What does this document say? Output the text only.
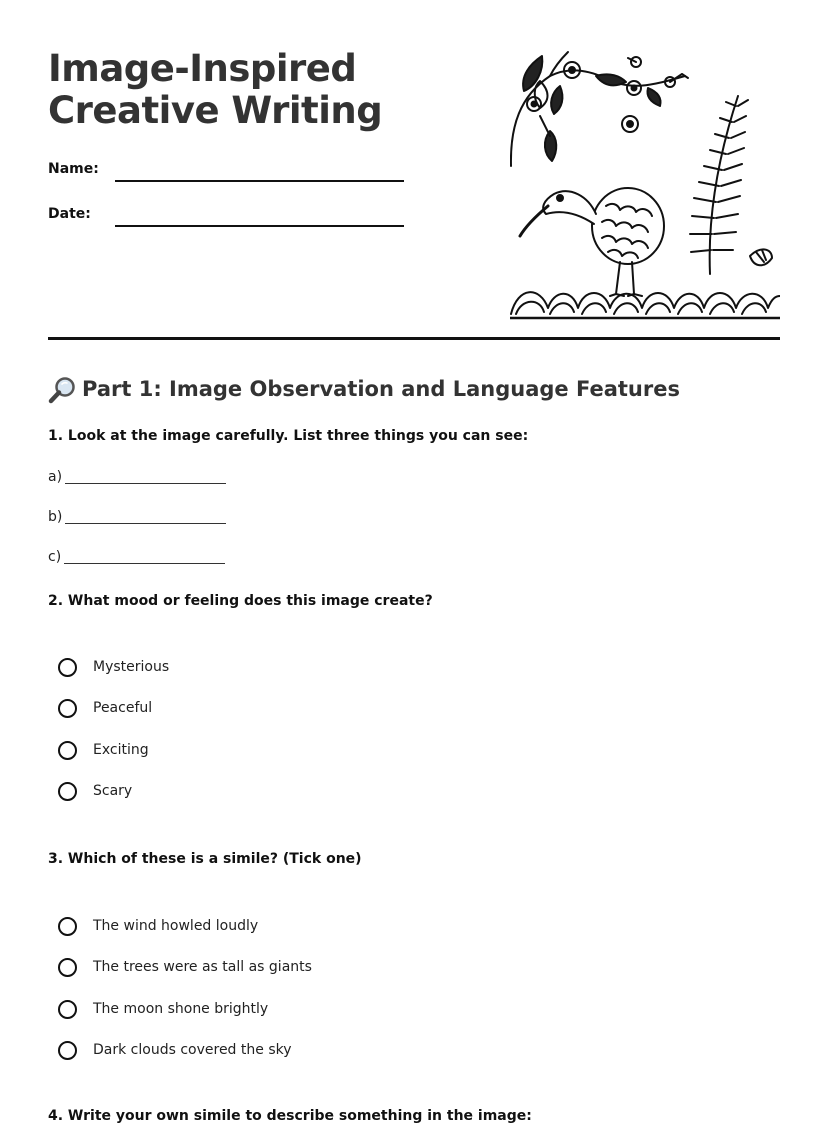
Image-Inspired Creative Writing
Name:
Date:
Part 1: Image Observation and Language Features

1. Look at the image carefully. List three things you can see:

a)
b)
c)

2. What mood or feeling does this image create?

Mysterious
Peaceful
Exciting
Scary

3. Which of these is a simile? (Tick one)

The wind howled loudly
The trees were as tall as giants
The moon shone brightly
Dark clouds covered the sky

4. Write your own simile to describe something in the image:
